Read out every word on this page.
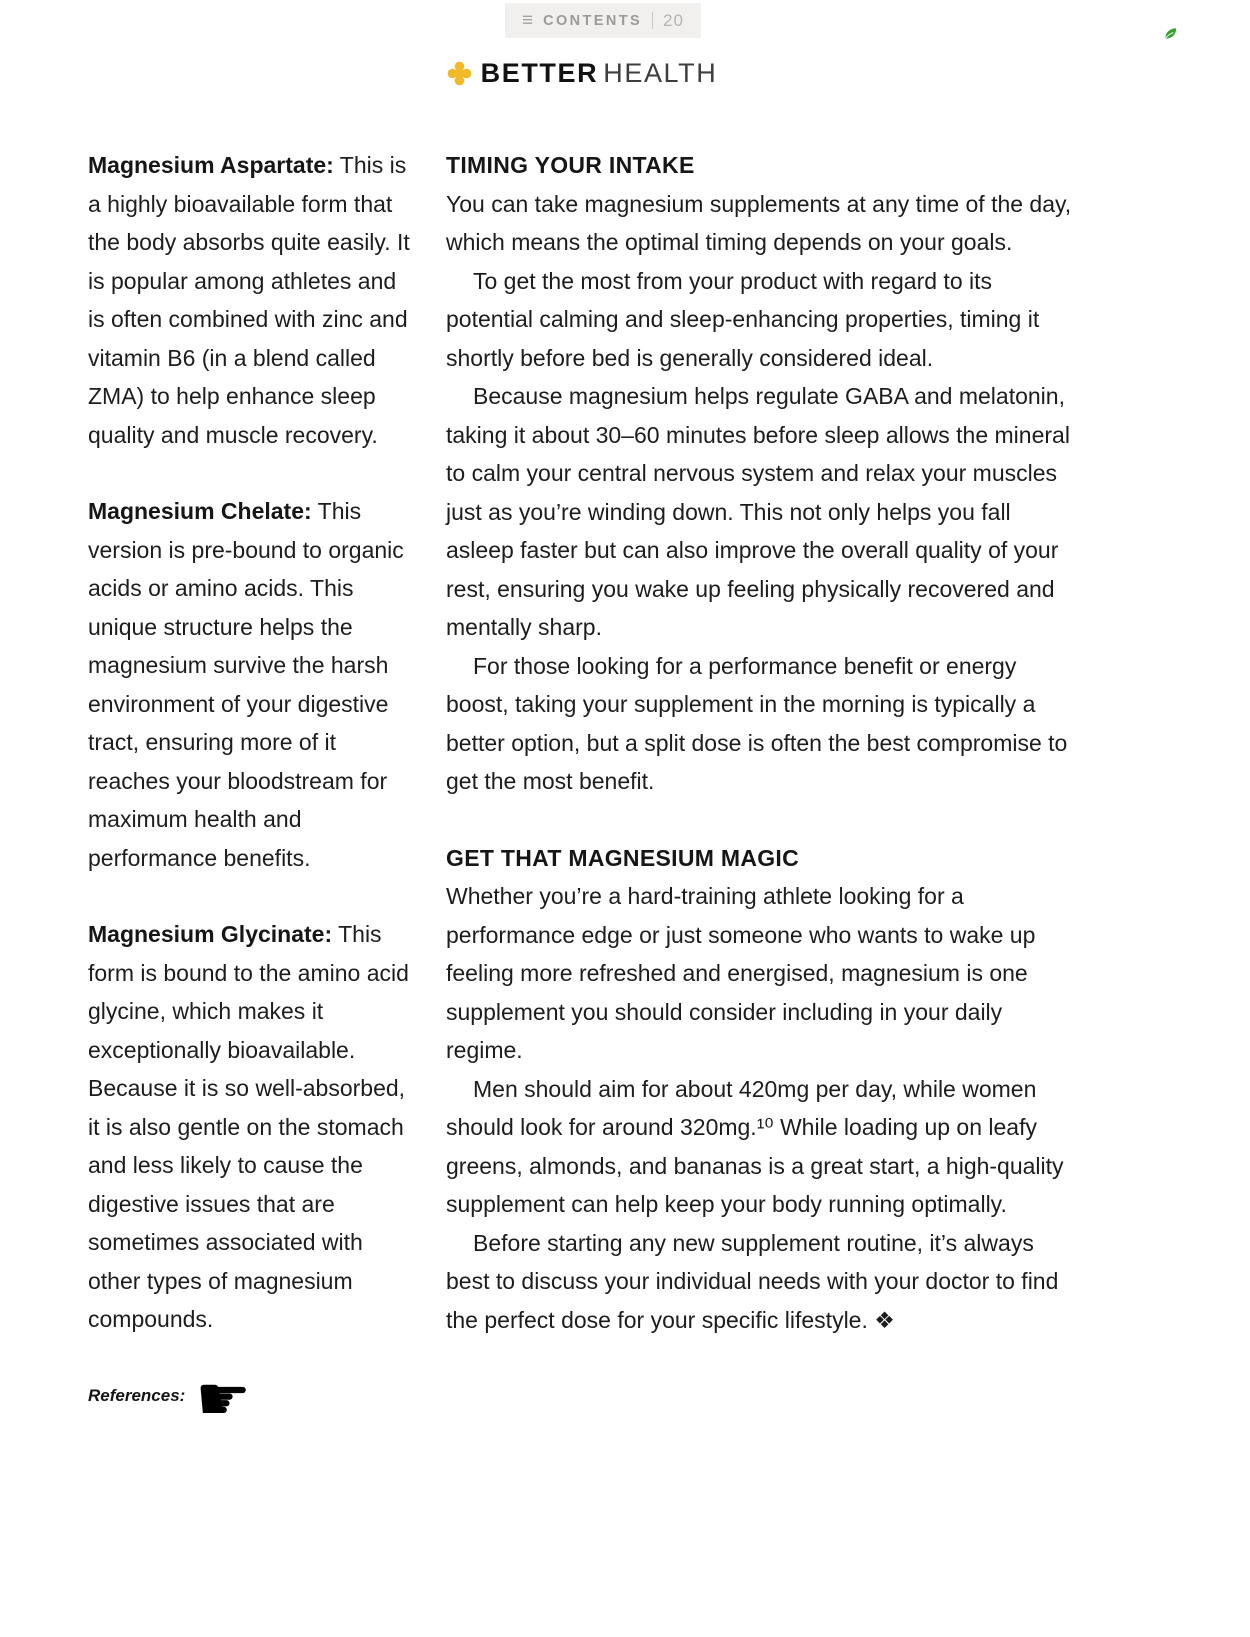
≡ CONTENTS 20
BETTER HEALTH

Magnesium Aspartate: This is a highly bioavailable form that the body absorbs quite easily. It is popular among athletes and is often combined with zinc and vitamin B6 (in a blend called ZMA) to help enhance sleep quality and muscle recovery.

Magnesium Chelate: This version is pre-bound to organic acids or amino acids. This unique structure helps the magnesium survive the harsh environment of your digestive tract, ensuring more of it reaches your bloodstream for maximum health and performance benefits.

Magnesium Glycinate: This form is bound to the amino acid glycine, which makes it exceptionally bioavailable. Because it is so well-absorbed, it is also gentle on the stomach and less likely to cause the digestive issues that are sometimes associated with other types of magnesium compounds.

References: ☛
TIMING YOUR INTAKE

You can take magnesium supplements at any time of the day, which means the optimal timing depends on your goals.

To get the most from your product with regard to its potential calming and sleep-enhancing properties, timing it shortly before bed is generally considered ideal.

Because magnesium helps regulate GABA and melatonin, taking it about 30–60 minutes before sleep allows the mineral to calm your central nervous system and relax your muscles just as you’re winding down. This not only helps you fall asleep faster but can also improve the overall quality of your rest, ensuring you wake up feeling physically recovered and mentally sharp.

For those looking for a performance benefit or energy boost, taking your supplement in the morning is typically a better option, but a split dose is often the best compromise to get the most benefit.

GET THAT MAGNESIUM MAGIC

Whether you’re a hard-training athlete looking for a performance edge or just someone who wants to wake up feeling more refreshed and energised, magnesium is one supplement you should consider including in your daily regime.

Men should aim for about 420mg per day, while women should look for around 320mg.¹⁰ While loading up on leafy greens, almonds, and bananas is a great start, a high-quality supplement can help keep your body running optimally.

Before starting any new supplement routine, it’s always best to discuss your individual needs with your doctor to find the perfect dose for your specific lifestyle. ❖
